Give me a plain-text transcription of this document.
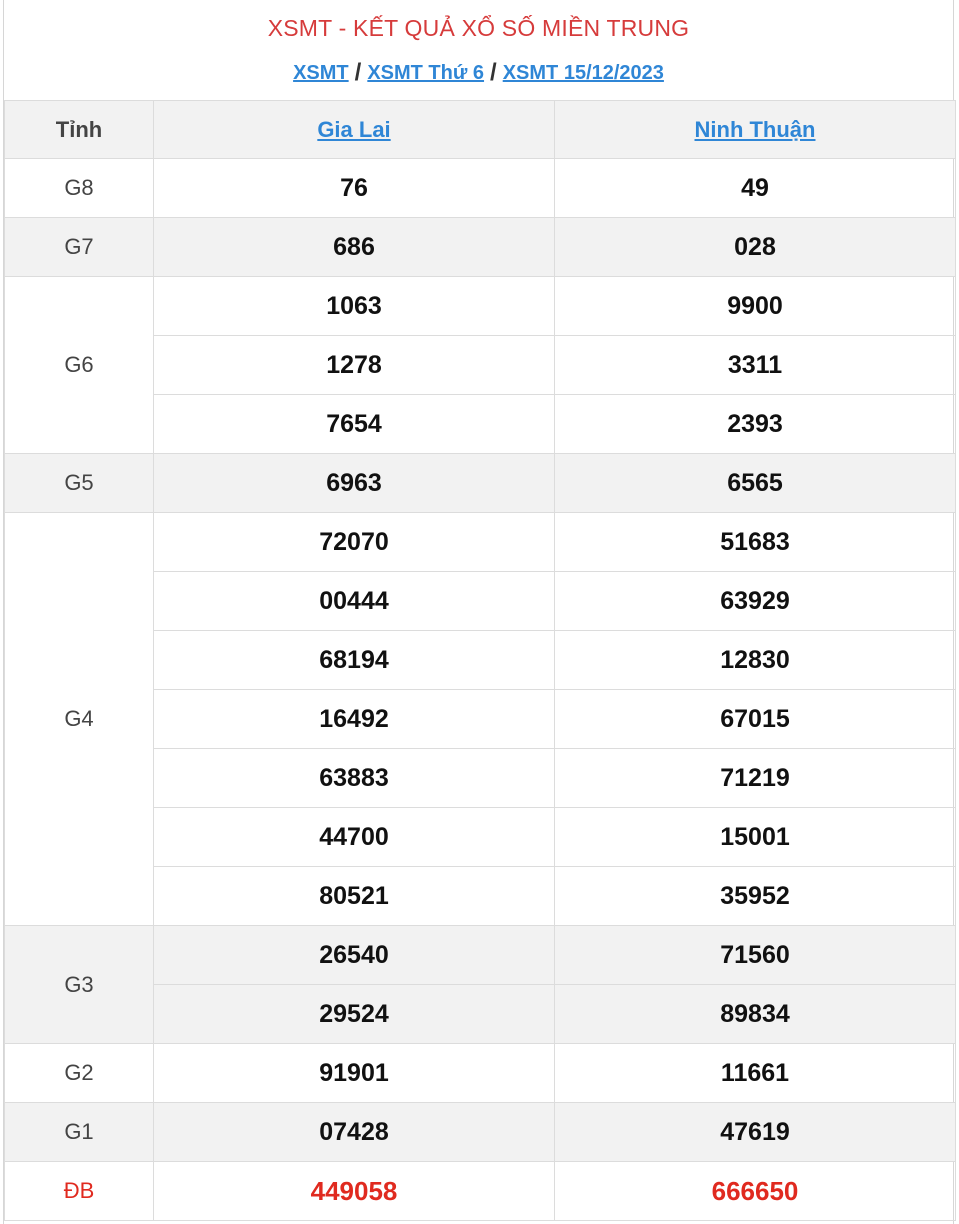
XSMT - KẾT QUẢ XỔ SỐ MIỀN TRUNG
XSMT / XSMT Thứ 6 / XSMT 15/12/2023
Tỉnh	Gia Lai	Ninh Thuận
G8	76	49
G7	686	028
G6	1063	9900
	1278	3311
	7654	2393
G5	6963	6565
G4	72070	51683
	00444	63929
	68194	12830
	16492	67015
	63883	71219
	44700	15001
	80521	35952
G3	26540	71560
	29524	89834
G2	91901	11661
G1	07428	47619
ĐB	449058	666650
